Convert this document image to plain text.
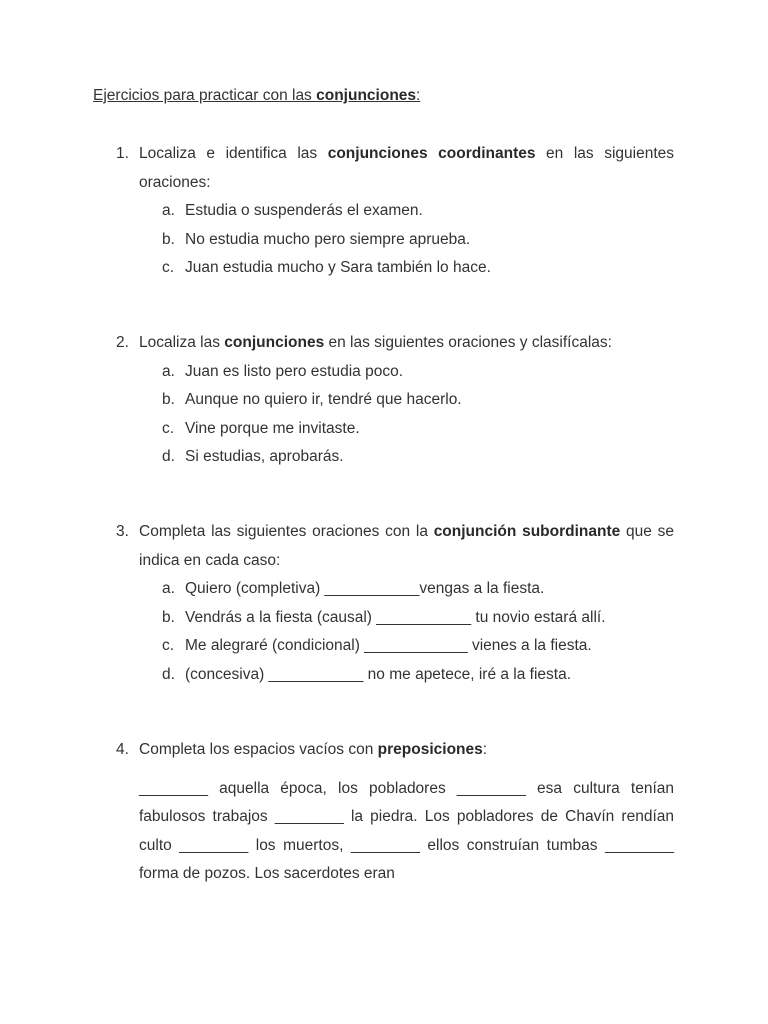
Ejercicios para practicar con las conjunciones:
1. Localiza e identifica las conjunciones coordinantes en las siguientes oraciones:
a. Estudia o suspenderás el examen.
b. No estudia mucho pero siempre aprueba.
c. Juan estudia mucho y Sara también lo hace.
2. Localiza las conjunciones en las siguientes oraciones y clasifícalas:
a. Juan es listo pero estudia poco.
b. Aunque no quiero ir, tendré que hacerlo.
c. Vine porque me invitaste.
d. Si estudias, aprobarás.
3. Completa las siguientes oraciones con la conjunción subordinante que se indica en cada caso:
a. Quiero (completiva) ___________vengas a la fiesta.
b. Vendrás a la fiesta (causal) ___________ tu novio estará allí.
c. Me alegraré (condicional) ____________ vienes a la fiesta.
d. (concesiva) ___________ no me apetece, iré a la fiesta.
4. Completa los espacios vacíos con preposiciones:
________ aquella época, los pobladores ________ esa cultura tenían fabulosos trabajos ________ la piedra. Los pobladores de Chavín rendían culto ________ los muertos, ________ ellos construían tumbas ________ forma de pozos. Los sacerdotes eran
